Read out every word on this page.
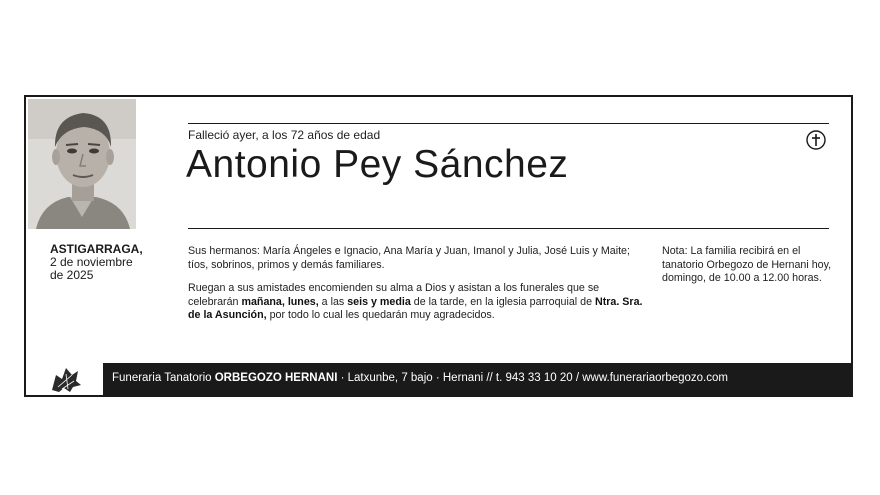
Falleció ayer, a los 72 años de edad
Antonio Pey Sánchez
ASTIGARRAGA,
2 de noviembre
de 2025

Sus hermanos: María Ángeles e Ignacio, Ana María y Juan, Imanol y Julia, José Luis y Maite; tíos, sobrinos, primos y demás familiares.

Ruegan a sus amistades encomienden su alma a Dios y asistan a los funerales que se celebrarán mañana, lunes, a las seis y media de la tarde, en la iglesia parroquial de Ntra. Sra. de la Asunción, por todo lo cual les quedarán muy agradecidos.

Nota: La familia recibirá en el tanatorio Orbegozo de Hernani hoy, domingo, de 10.00 a 12.00 horas.
Funeraria Tanatorio ORBEGOZO HERNANI · Latxunbe, 7 bajo · Hernani // t. 943 33 10 20 / www.funerariaorbegozo.com
